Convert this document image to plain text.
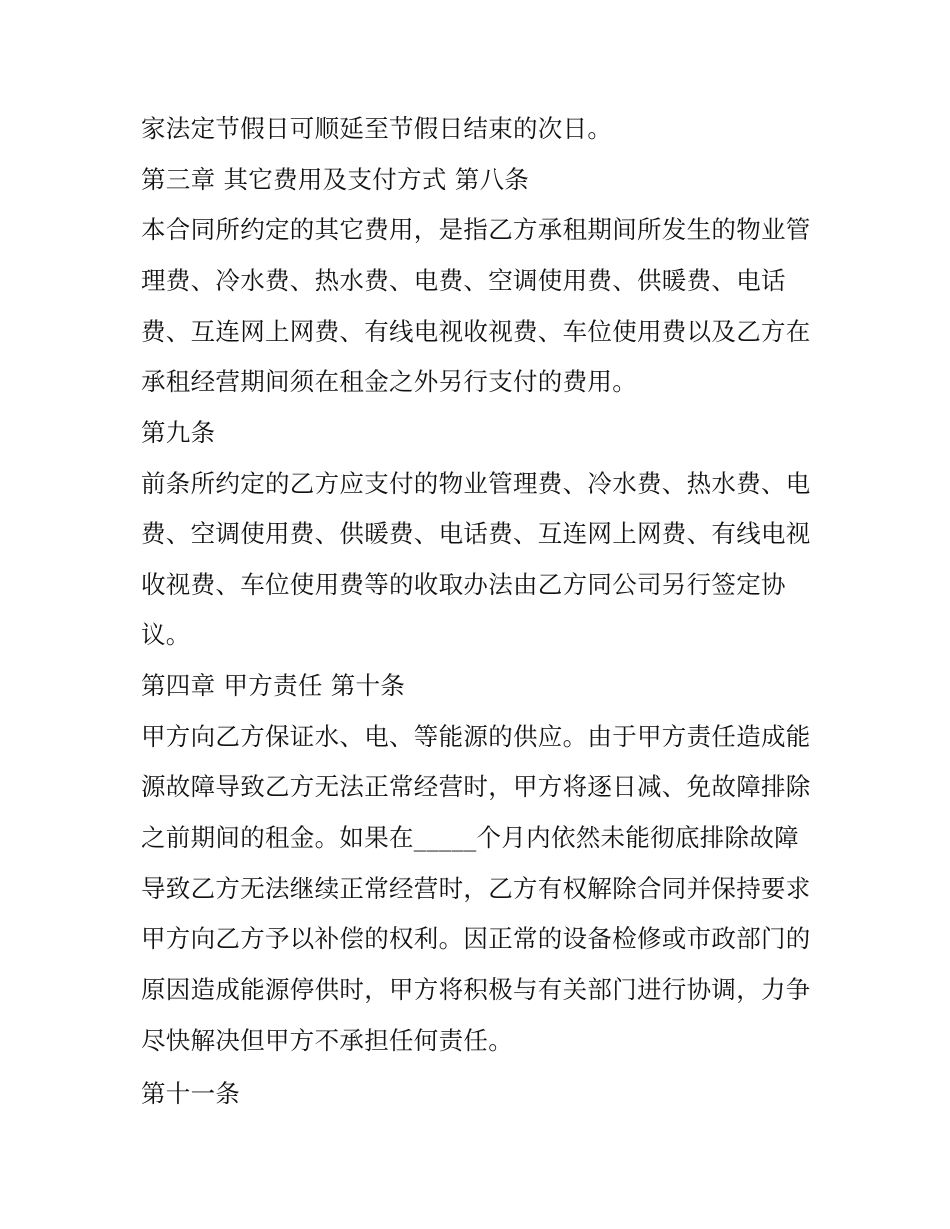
家法定节假日可顺延至节假日结束的次日。
第三章 其它费用及支付方式 第八条
本合同所约定的其它费用，是指乙方承租期间所发生的物业管
理费、冷水费、热水费、电费、空调使用费、供暖费、电话
费、互连网上网费、有线电视收视费、车位使用费以及乙方在
承租经营期间须在租金之外另行支付的费用。
第九条
前条所约定的乙方应支付的物业管理费、冷水费、热水费、电
费、空调使用费、供暖费、电话费、互连网上网费、有线电视
收视费、车位使用费等的收取办法由乙方同公司另行签定协
议。
第四章 甲方责任 第十条
甲方向乙方保证水、电、等能源的供应。由于甲方责任造成能
源故障导致乙方无法正常经营时，甲方将逐日减、免故障排除
之前期间的租金。如果在_____个月内依然未能彻底排除故障
导致乙方无法继续正常经营时，乙方有权解除合同并保持要求
甲方向乙方予以补偿的权利。因正常的设备检修或市政部门的
原因造成能源停供时，甲方将积极与有关部门进行协调，力争
尽快解决但甲方不承担任何责任。
第十一条
